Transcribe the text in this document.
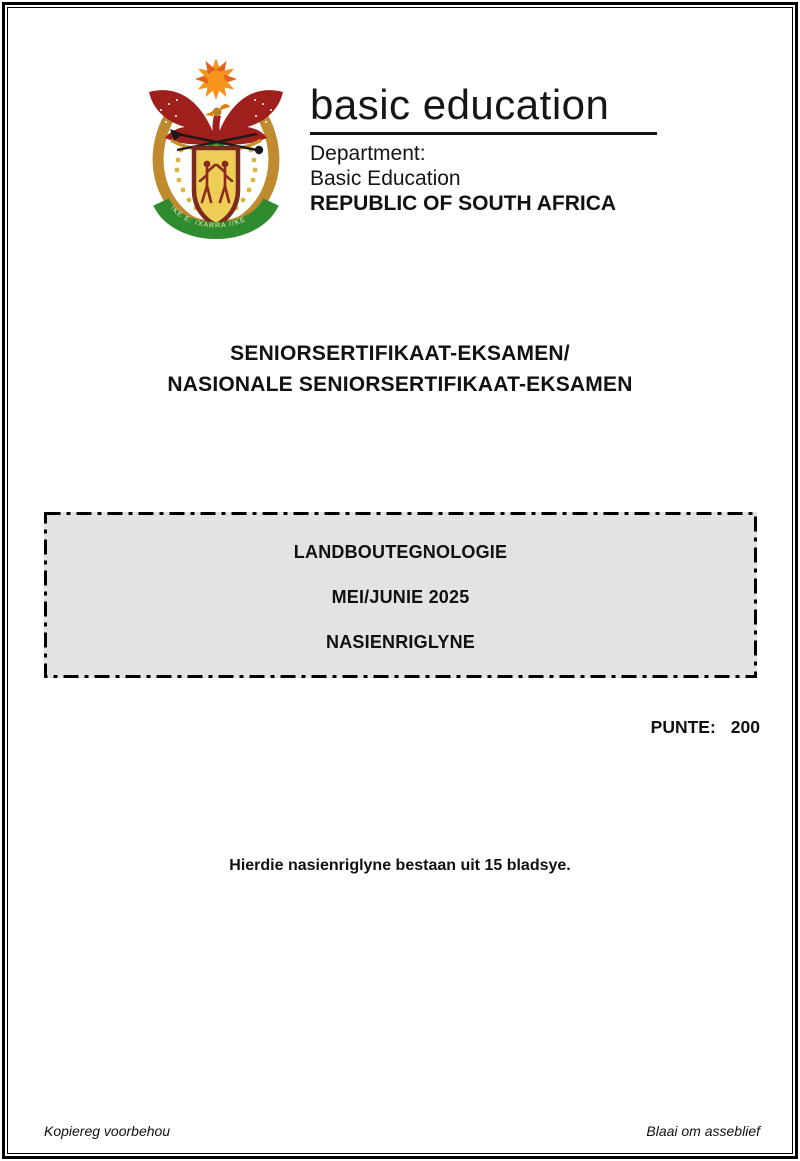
!KE E: /XARRA //KE
basic education
Department:
Basic Education
REPUBLIC OF SOUTH AFRICA
SENIORSERTIFIKAAT-EKSAMEN/
NASIONALE SENIORSERTIFIKAAT-EKSAMEN
LANDBOUTEGNOLOGIE
MEI/JUNIE 2025
NASIENRIGLYNE
PUNTE: 200
Hierdie nasienriglyne bestaan uit 15 bladsye.
Kopiereg voorbehou	Blaai om asseblief
